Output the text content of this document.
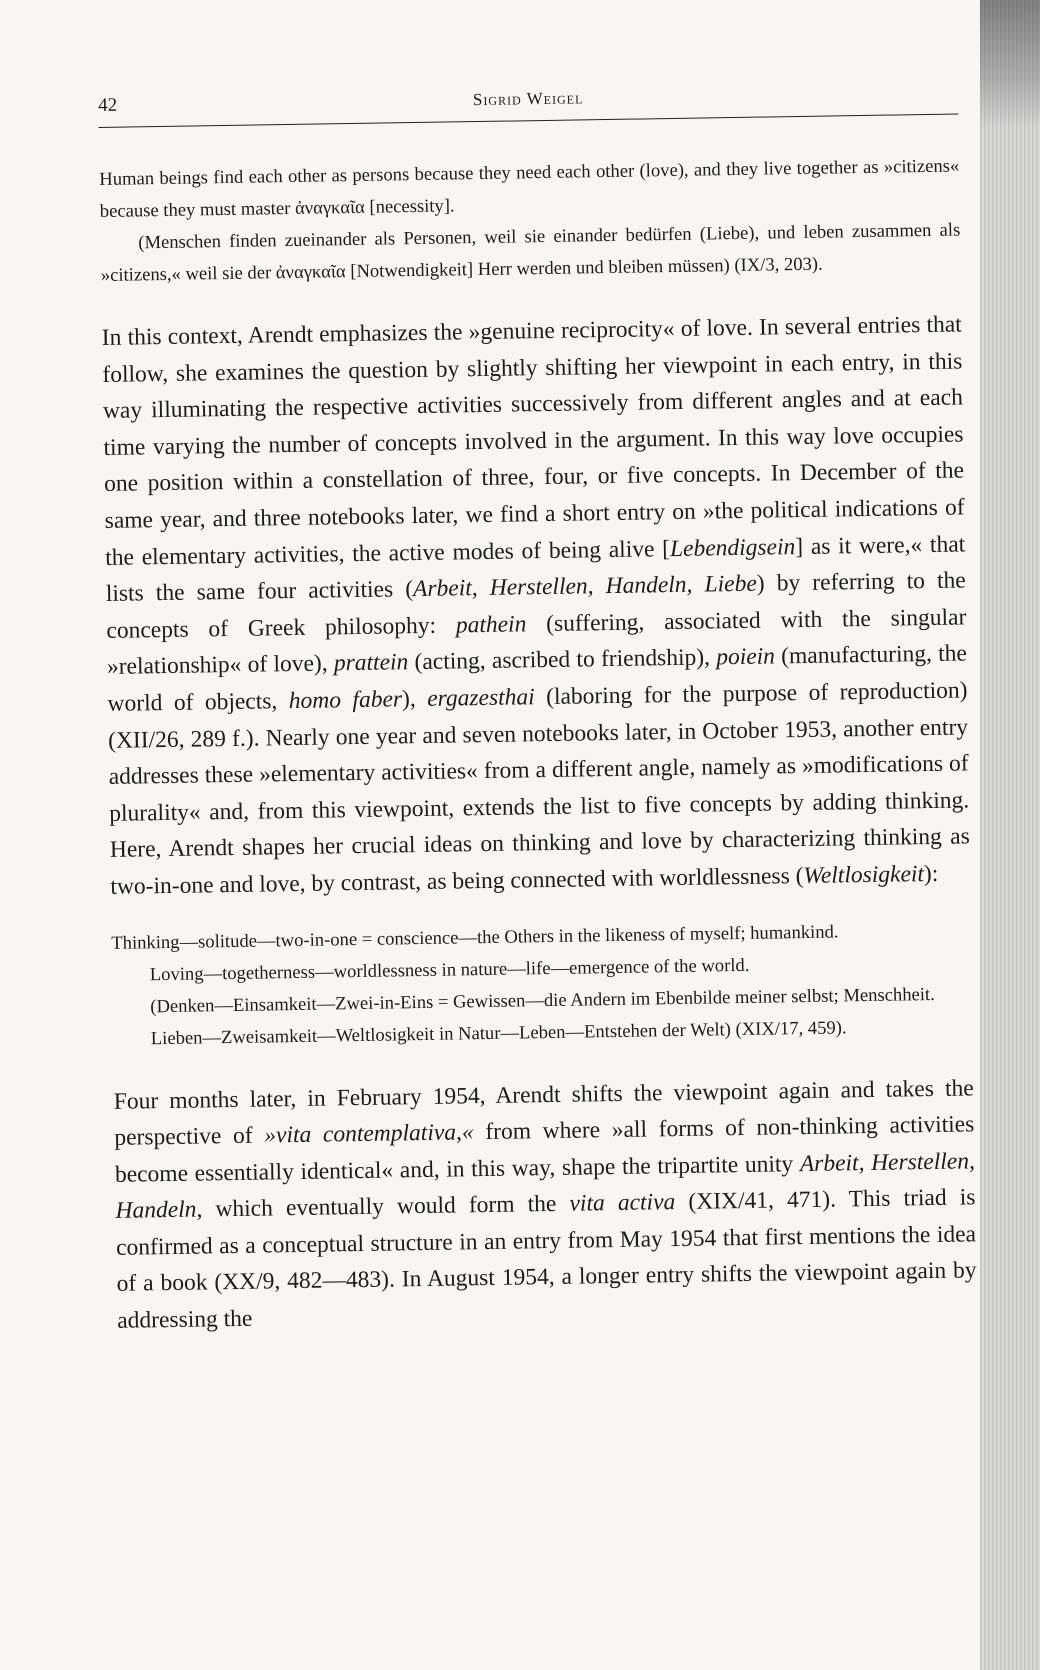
42	Sigrid Weigel

Human beings find each other as persons because they need each other (love), and they live together as »citizens« because they must master ἀναγκαῖα [necessity].

(Menschen finden zueinander als Personen, weil sie einander bedürfen (Liebe), und leben zusammen als »citizens,« weil sie der ἀναγκαῖα [Notwendigkeit] Herr werden und bleiben müssen) (IX/3, 203).

In this context, Arendt emphasizes the »genuine reciprocity« of love. In several entries that follow, she examines the question by slightly shifting her viewpoint in each entry, in this way illuminating the respective activities successively from different angles and at each time varying the number of concepts involved in the argument. In this way love occupies one position within a constellation of three, four, or five concepts. In December of the same year, and three notebooks later, we find a short entry on »the political indications of the elementary activities, the active modes of being alive [Lebendigsein] as it were,« that lists the same four activities (Arbeit, Herstellen, Handeln, Liebe) by referring to the concepts of Greek philosophy: pathein (suffering, associated with the singular »relationship« of love), prattein (acting, ascribed to friendship), poiein (manufacturing, the world of objects, homo faber), ergazesthai (laboring for the purpose of reproduction) (XII/26, 289 f.). Nearly one year and seven notebooks later, in October 1953, another entry addresses these »elementary activities« from a different angle, namely as »modifications of plurality« and, from this viewpoint, extends the list to five concepts by adding thinking. Here, Arendt shapes her crucial ideas on thinking and love by characterizing thinking as two-in-one and love, by contrast, as being connected with worldlessness (Weltlosigkeit):

Thinking—solitude—two-in-one = conscience—the Others in the likeness of myself; humankind.

Loving—togetherness—worldlessness in nature—life—emergence of the world.

(Denken—Einsamkeit—Zwei-in-Eins = Gewissen—die Andern im Ebenbilde meiner selbst; Menschheit.

Lieben—Zweisamkeit—Weltlosigkeit in Natur—Leben—Entstehen der Welt) (XIX/17, 459).

Four months later, in February 1954, Arendt shifts the viewpoint again and takes the perspective of »vita contemplativa,« from where »all forms of non-thinking activities become essentially identical« and, in this way, shape the tripartite unity Arbeit, Herstellen, Handeln, which eventually would form the vita activa (XIX/41, 471). This triad is confirmed as a conceptual structure in an entry from May 1954 that first mentions the idea of a book (XX/9, 482—483). In August 1954, a longer entry shifts the viewpoint again by addressing the
